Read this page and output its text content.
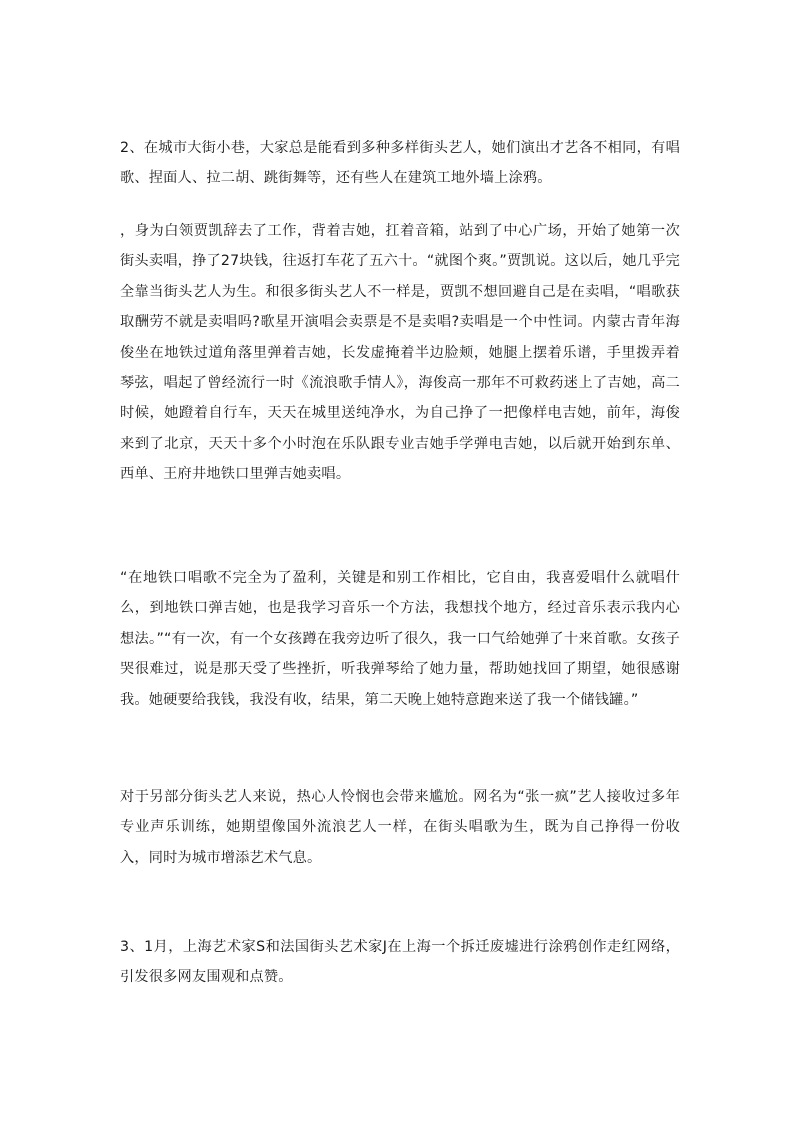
2、在城市大街小巷，大家总是能看到多种多样街头艺人，她们演出才艺各不相同，有唱歌、捏面人、拉二胡、跳街舞等，还有些人在建筑工地外墙上涂鸦。

，身为白领贾凯辞去了工作，背着吉她，扛着音箱，站到了中心广场，开始了她第一次街头卖唱，挣了27块钱，往返打车花了五六十。“就图个爽。”贾凯说。这以后，她几乎完全靠当街头艺人为生。和很多街头艺人不一样是，贾凯不想回避自己是在卖唱，“唱歌获取酬劳不就是卖唱吗?歌星开演唱会卖票是不是卖唱?卖唱是一个中性词。内蒙古青年海俊坐在地铁过道角落里弹着吉她，长发虚掩着半边脸颊，她腿上摆着乐谱，手里拨弄着琴弦，唱起了曾经流行一时《流浪歌手情人》，海俊高一那年不可救药迷上了吉她，高二时候，她蹬着自行车，天天在城里送纯净水，为自己挣了一把像样电吉她，前年，海俊来到了北京，天天十多个小时泡在乐队跟专业吉她手学弹电吉她，以后就开始到东单、西单、王府井地铁口里弹吉她卖唱。

“在地铁口唱歌不完全为了盈利，关键是和别工作相比，它自由，我喜爱唱什么就唱什么，到地铁口弹吉她，也是我学习音乐一个方法，我想找个地方，经过音乐表示我内心想法。”“有一次，有一个女孩蹲在我旁边听了很久，我一口气给她弹了十来首歌。女孩子哭很难过，说是那天受了些挫折，听我弹琴给了她力量，帮助她找回了期望，她很感谢我。她硬要给我钱，我没有收，结果，第二天晚上她特意跑来送了我一个储钱罐。”

对于另部分街头艺人来说，热心人怜悯也会带来尴尬。网名为“张一疯”艺人接收过多年专业声乐训练，她期望像国外流浪艺人一样，在街头唱歌为生，既为自己挣得一份收入，同时为城市增添艺术气息。

3、1月，上海艺术家S和法国街头艺术家J在上海一个拆迁废墟进行涂鸦创作走红网络，引发很多网友围观和点赞。
